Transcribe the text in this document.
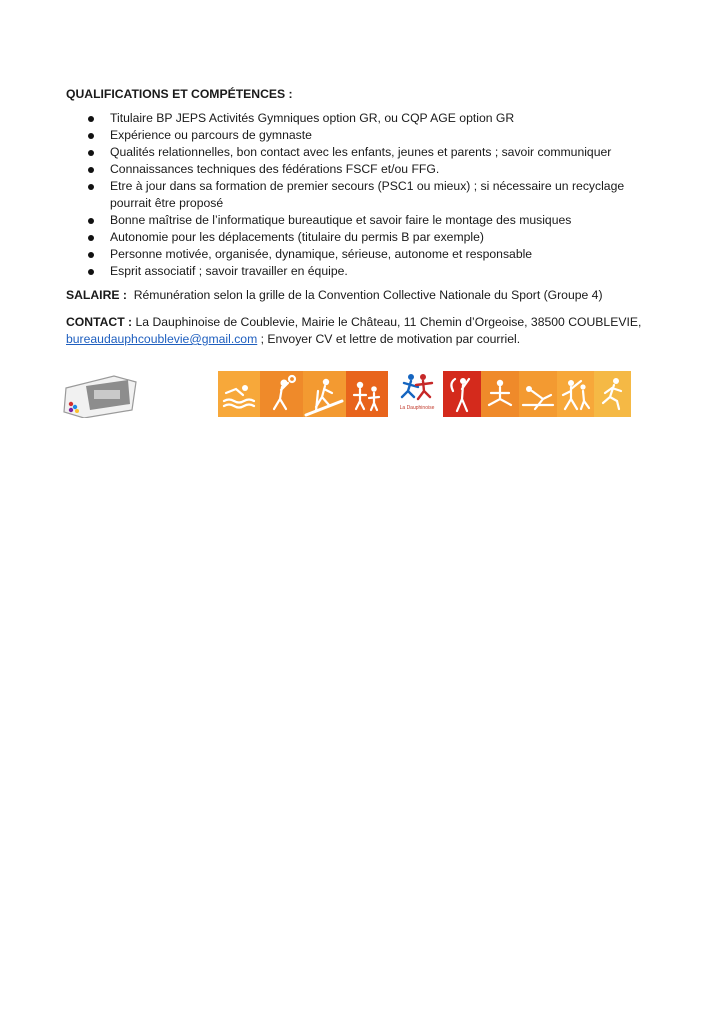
QUALIFICATIONS ET COMPÉTENCES :
Titulaire BP JEPS Activités Gymniques option GR, ou CQP AGE option GR
Expérience ou parcours de gymnaste
Qualités relationnelles, bon contact avec les enfants, jeunes et parents ; savoir communiquer
Connaissances techniques des fédérations FSCF et/ou FFG.
Etre à jour dans sa formation de premier secours (PSC1 ou mieux) ; si nécessaire un recyclage pourrait être proposé
Bonne maîtrise de l’informatique bureautique et savoir faire le montage des musiques
Autonomie pour les déplacements (titulaire du permis B par exemple)
Personne motivée, organisée, dynamique, sérieuse, autonome et responsable
Esprit associatif ; savoir travailler en équipe.

SALAIRE : Rémunération selon la grille de la Convention Collective Nationale du Sport (Groupe 4)

CONTACT : La Dauphinoise de Coublevie, Mairie le Château, 11 Chemin d’Orgeoise, 38500 COUBLEVIE,
bureaudauphcoublevie@gmail.com ; Envoyer CV et lettre de motivation par courriel.

La Dauphinoise
